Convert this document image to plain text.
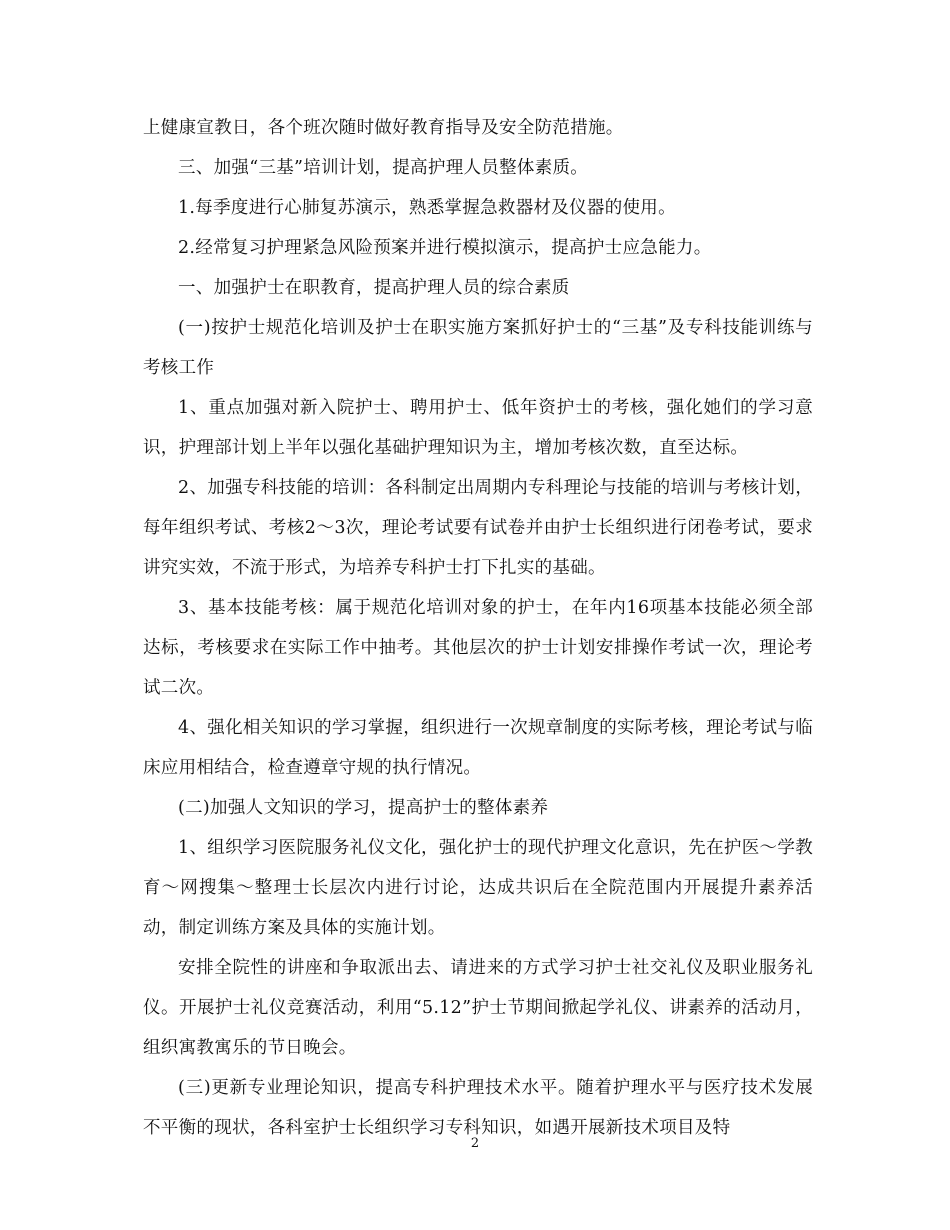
上健康宣教日，各个班次随时做好教育指导及安全防范措施。

三、加强“三基”培训计划，提高护理人员整体素质。

1.每季度进行心肺复苏演示，熟悉掌握急救器材及仪器的使用。

2.经常复习护理紧急风险预案并进行模拟演示，提高护士应急能力。

一、加强护士在职教育，提高护理人员的综合素质

(一)按护士规范化培训及护士在职实施方案抓好护士的“三基”及专科技能训练与考核工作

1、重点加强对新入院护士、聘用护士、低年资护士的考核，强化她们的学习意识，护理部计划上半年以强化基础护理知识为主，增加考核次数，直至达标。

2、加强专科技能的培训：各科制定出周期内专科理论与技能的培训与考核计划，每年组织考试、考核2～3次，理论考试要有试卷并由护士长组织进行闭卷考试，要求讲究实效，不流于形式，为培养专科护士打下扎实的基础。

3、基本技能考核：属于规范化培训对象的护士，在年内16项基本技能必须全部达标，考核要求在实际工作中抽考。其他层次的护士计划安排操作考试一次，理论考试二次。

4、强化相关知识的学习掌握，组织进行一次规章制度的实际考核，理论考试与临床应用相结合，检查遵章守规的执行情况。

(二)加强人文知识的学习，提高护士的整体素养

1、组织学习医院服务礼仪文化，强化护士的现代护理文化意识，先在护医～学教育～网搜集～整理士长层次内进行讨论，达成共识后在全院范围内开展提升素养活动，制定训练方案及具体的实施计划。

安排全院性的讲座和争取派出去、请进来的方式学习护士社交礼仪及职业服务礼仪。开展护士礼仪竞赛活动，利用“5.12”护士节期间掀起学礼仪、讲素养的活动月，组织寓教寓乐的节日晚会。

(三)更新专业理论知识，提高专科护理技术水平。随着护理水平与医疗技术发展不平衡的现状，各科室护士长组织学习专科知识，如遇开展新技术项目及特

2
